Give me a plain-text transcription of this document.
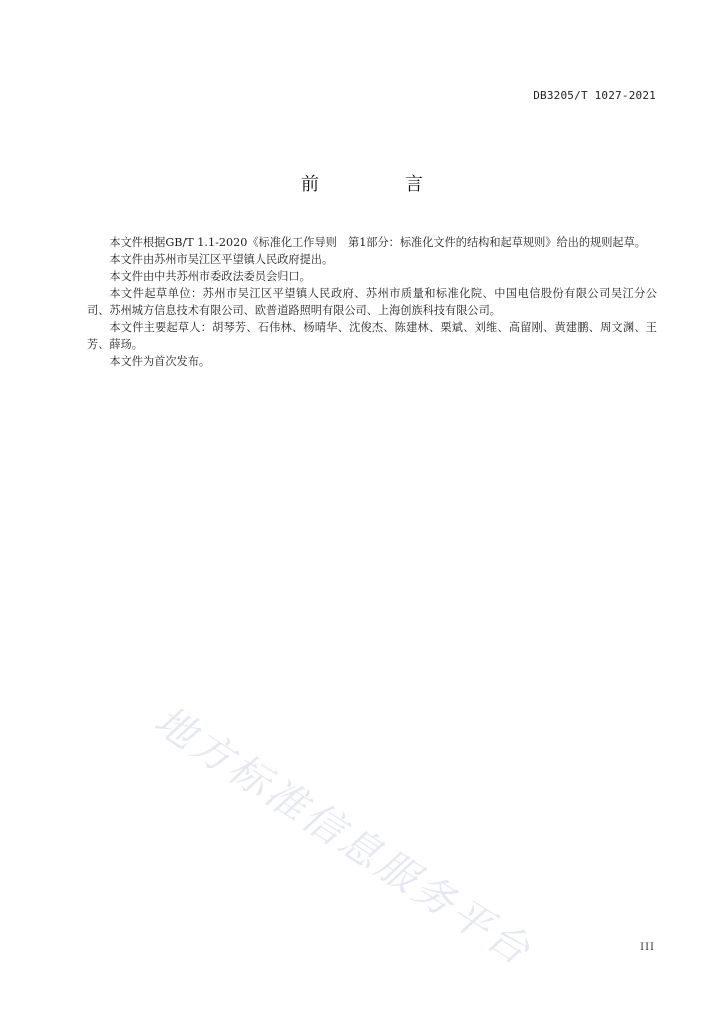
DB3205/T 1027-2021
前　言

本文件根据GB/T 1.1-2020《标准化工作导则　第1部分：标准化文件的结构和起草规则》给出的规则起草。

本文件由苏州市吴江区平望镇人民政府提出。

本文件由中共苏州市委政法委员会归口。

本文件起草单位：苏州市吴江区平望镇人民政府、苏州市质量和标准化院、中国电信股份有限公司吴江分公司、苏州城方信息技术有限公司、欧普道路照明有限公司、上海创族科技有限公司。

本文件主要起草人：胡琴芳、石伟林、杨晴华、沈俊杰、陈建林、栗斌、刘维、高留刚、黄建鹏、周文渊、王芳、薛玚。

本文件为首次发布。

地方标准信息服务平台	III
